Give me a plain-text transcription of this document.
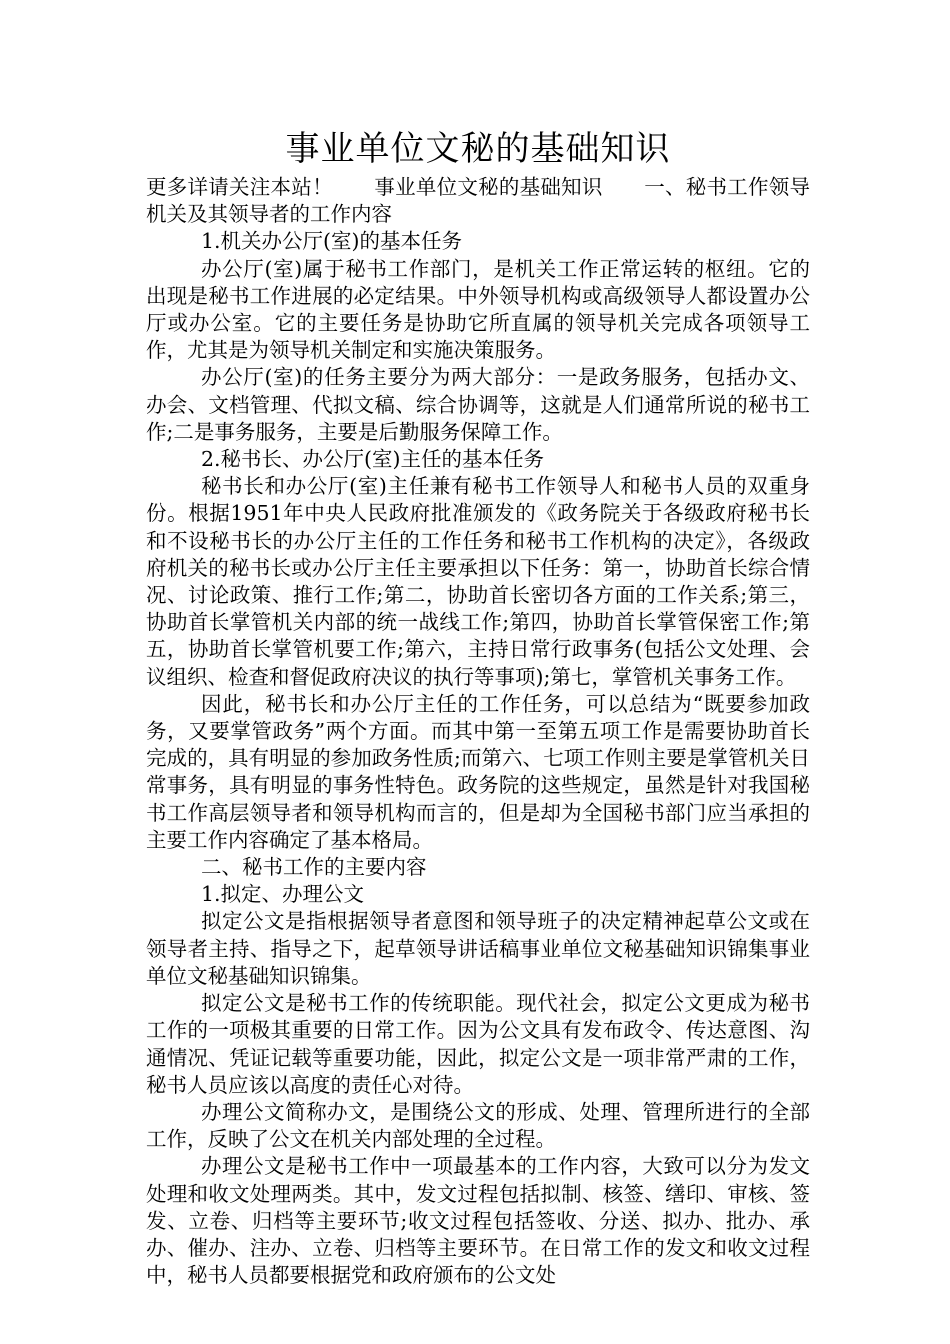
事业单位文秘的基础知识

更多详请关注本站！　　事业单位文秘的基础知识　　一、秘书工作领导机关及其领导者的工作内容

1.机关办公厅(室)的基本任务

办公厅(室)属于秘书工作部门，是机关工作正常运转的枢纽。它的出现是秘书工作进展的必定结果。中外领导机构或高级领导人都设置办公厅或办公室。它的主要任务是协助它所直属的领导机关完成各项领导工作，尤其是为领导机关制定和实施决策服务。

办公厅(室)的任务主要分为两大部分：一是政务服务，包括办文、办会、文档管理、代拟文稿、综合协调等，这就是人们通常所说的秘书工作;二是事务服务，主要是后勤服务保障工作。

2.秘书长、办公厅(室)主任的基本任务

秘书长和办公厅(室)主任兼有秘书工作领导人和秘书人员的双重身份。根据1951年中央人民政府批准颁发的《政务院关于各级政府秘书长和不设秘书长的办公厅主任的工作任务和秘书工作机构的决定》，各级政府机关的秘书长或办公厅主任主要承担以下任务：第一，协助首长综合情况、讨论政策、推行工作;第二，协助首长密切各方面的工作关系;第三，协助首长掌管机关内部的统一战线工作;第四，协助首长掌管保密工作;第五，协助首长掌管机要工作;第六，主持日常行政事务(包括公文处理、会议组织、检查和督促政府决议的执行等事项);第七，掌管机关事务工作。

因此，秘书长和办公厅主任的工作任务，可以总结为“既要参加政务，又要掌管政务”两个方面。而其中第一至第五项工作是需要协助首长完成的，具有明显的参加政务性质;而第六、七项工作则主要是掌管机关日常事务，具有明显的事务性特色。政务院的这些规定，虽然是针对我国秘书工作高层领导者和领导机构而言的，但是却为全国秘书部门应当承担的主要工作内容确定了基本格局。

二、秘书工作的主要内容

1.拟定、办理公文

拟定公文是指根据领导者意图和领导班子的决定精神起草公文或在领导者主持、指导之下，起草领导讲话稿事业单位文秘基础知识锦集事业单位文秘基础知识锦集。

拟定公文是秘书工作的传统职能。现代社会，拟定公文更成为秘书工作的一项极其重要的日常工作。因为公文具有发布政令、传达意图、沟通情况、凭证记载等重要功能，因此，拟定公文是一项非常严肃的工作，秘书人员应该以高度的责任心对待。

办理公文简称办文，是围绕公文的形成、处理、管理所进行的全部工作，反映了公文在机关内部处理的全过程。

办理公文是秘书工作中一项最基本的工作内容，大致可以分为发文处理和收文处理两类。其中，发文过程包括拟制、核签、缮印、审核、签发、立卷、归档等主要环节;收文过程包括签收、分送、拟办、批办、承办、催办、注办、立卷、归档等主要环节。在日常工作的发文和收文过程中，秘书人员都要根据党和政府颁布的公文处
